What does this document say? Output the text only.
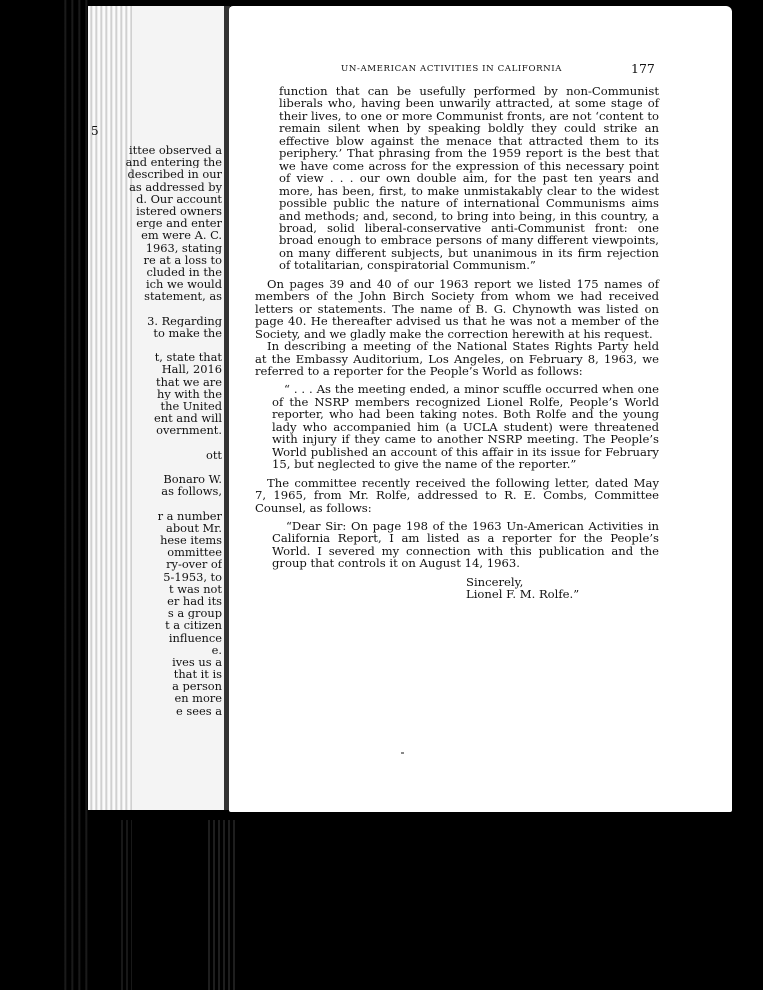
5
ittee observed a
and entering the
described in our
as addressed by
d. Our account
istered owners
erge and enter
em were A. C.
1963, stating
re at a loss to
cluded in the
ich we would
statement, as
3. Regarding
to make the
t, state that
Hall, 2016
that we are
hy with the
the United
ent and will
overnment.
ott
Bonaro W.
as follows,
r a number
about Mr.
hese items
ommittee
ry-over of
5-1953, to
t was not
er had its
s a group
t a citizen
influence
e.
ives us a
that it is
a person
en more
e sees a
UN-AMERICAN ACTIVITIES IN CALIFORNIA	177

function that can be usefully performed by non-Communist liberals who, having been unwarily attracted, at some stage of their lives, to one or more Communist fronts, are not ‘content to remain silent when by speaking boldly they could strike an effective blow against the menace that attracted them to its periphery.’ That phrasing from the 1959 report is the best that we have come across for the expression of this necessary point of view . . . our own double aim, for the past ten years and more, has been, first, to make unmistakably clear to the widest possible public the nature of international Communisms aims and methods; and, second, to bring into being, in this country, a broad, solid liberal-conservative anti-Communist front: one broad enough to embrace persons of many different viewpoints, on many different subjects, but unanimous in its firm rejection of totalitarian, conspiratorial Communism.”

On pages 39 and 40 of our 1963 report we listed 175 names of members of the John Birch Society from whom we had received letters or statements. The name of B. G. Chynowth was listed on page 40. He thereafter advised us that he was not a member of the Society, and we gladly make the correction herewith at his request.

In describing a meeting of the National States Rights Party held at the Embassy Auditorium, Los Angeles, on February 8, 1963, we referred to a reporter for the People’s World as follows:

“ . . . As the meeting ended, a minor scuffle occurred when one of the NSRP members recognized Lionel Rolfe, People’s World reporter, who had been taking notes. Both Rolfe and the young lady who accompanied him (a UCLA student) were threatened with injury if they came to another NSRP meeting. The People’s World published an account of this affair in its issue for February 15, but neglected to give the name of the reporter.”

The committee recently received the following letter, dated May 7, 1965, from Mr. Rolfe, addressed to R. E. Combs, Committee Counsel, as follows:

“Dear Sir: On page 198 of the 1963 Un-American Activities in California Report, I am listed as a reporter for the People’s World. I severed my connection with this publication and the group that controls it on August 14, 1963.

Sincerely,
Lionel F. M. Rolfe.”
